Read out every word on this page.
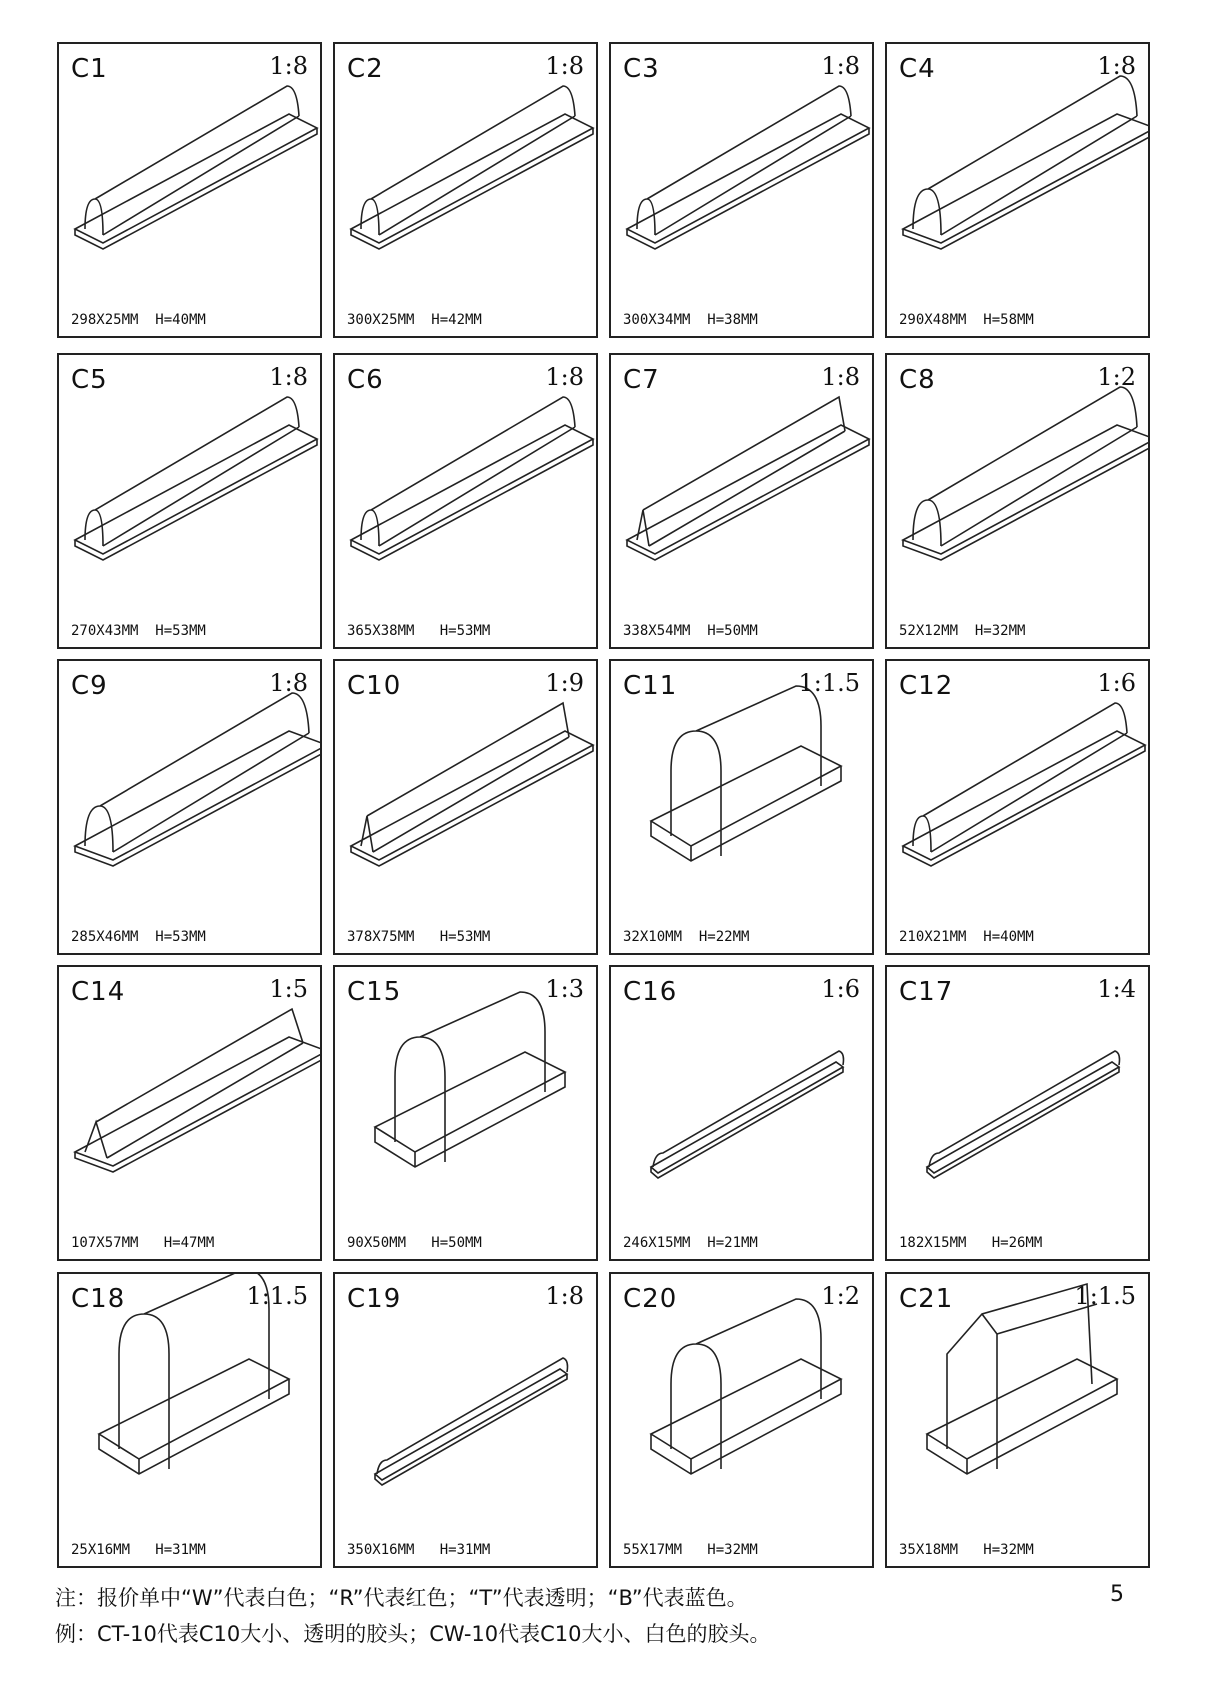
C1	1:8
298X25MM  H=40MM
C2	1:8
300X25MM  H=42MM
C3	1:8
300X34MM  H=38MM
C4	1:8
290X48MM  H=58MM
C5	1:8
270X43MM  H=53MM
C6	1:8
365X38MM   H=53MM
C7	1:8
338X54MM  H=50MM
C8	1:2
52X12MM  H=32MM
C9	1:8
285X46MM  H=53MM
C10	1:9
378X75MM   H=53MM
C11	1:1.5
32X10MM  H=22MM
C12	1:6
210X21MM  H=40MM
C14	1:5
107X57MM   H=47MM
C15	1:3
90X50MM   H=50MM
C16	1:6
246X15MM  H=21MM
C17	1:4
182X15MM   H=26MM
C18	1:1.5
25X16MM   H=31MM
C19	1:8
350X16MM   H=31MM
C20	1:2
55X17MM   H=32MM
C21	1:1.5
35X18MM   H=32MM
注：报价单中“W”代表白色；“R”代表红色；“T”代表透明；“B”代表蓝色。
例：CT-10代表C10大小、透明的胶头；CW-10代表C10大小、白色的胶头。
5
